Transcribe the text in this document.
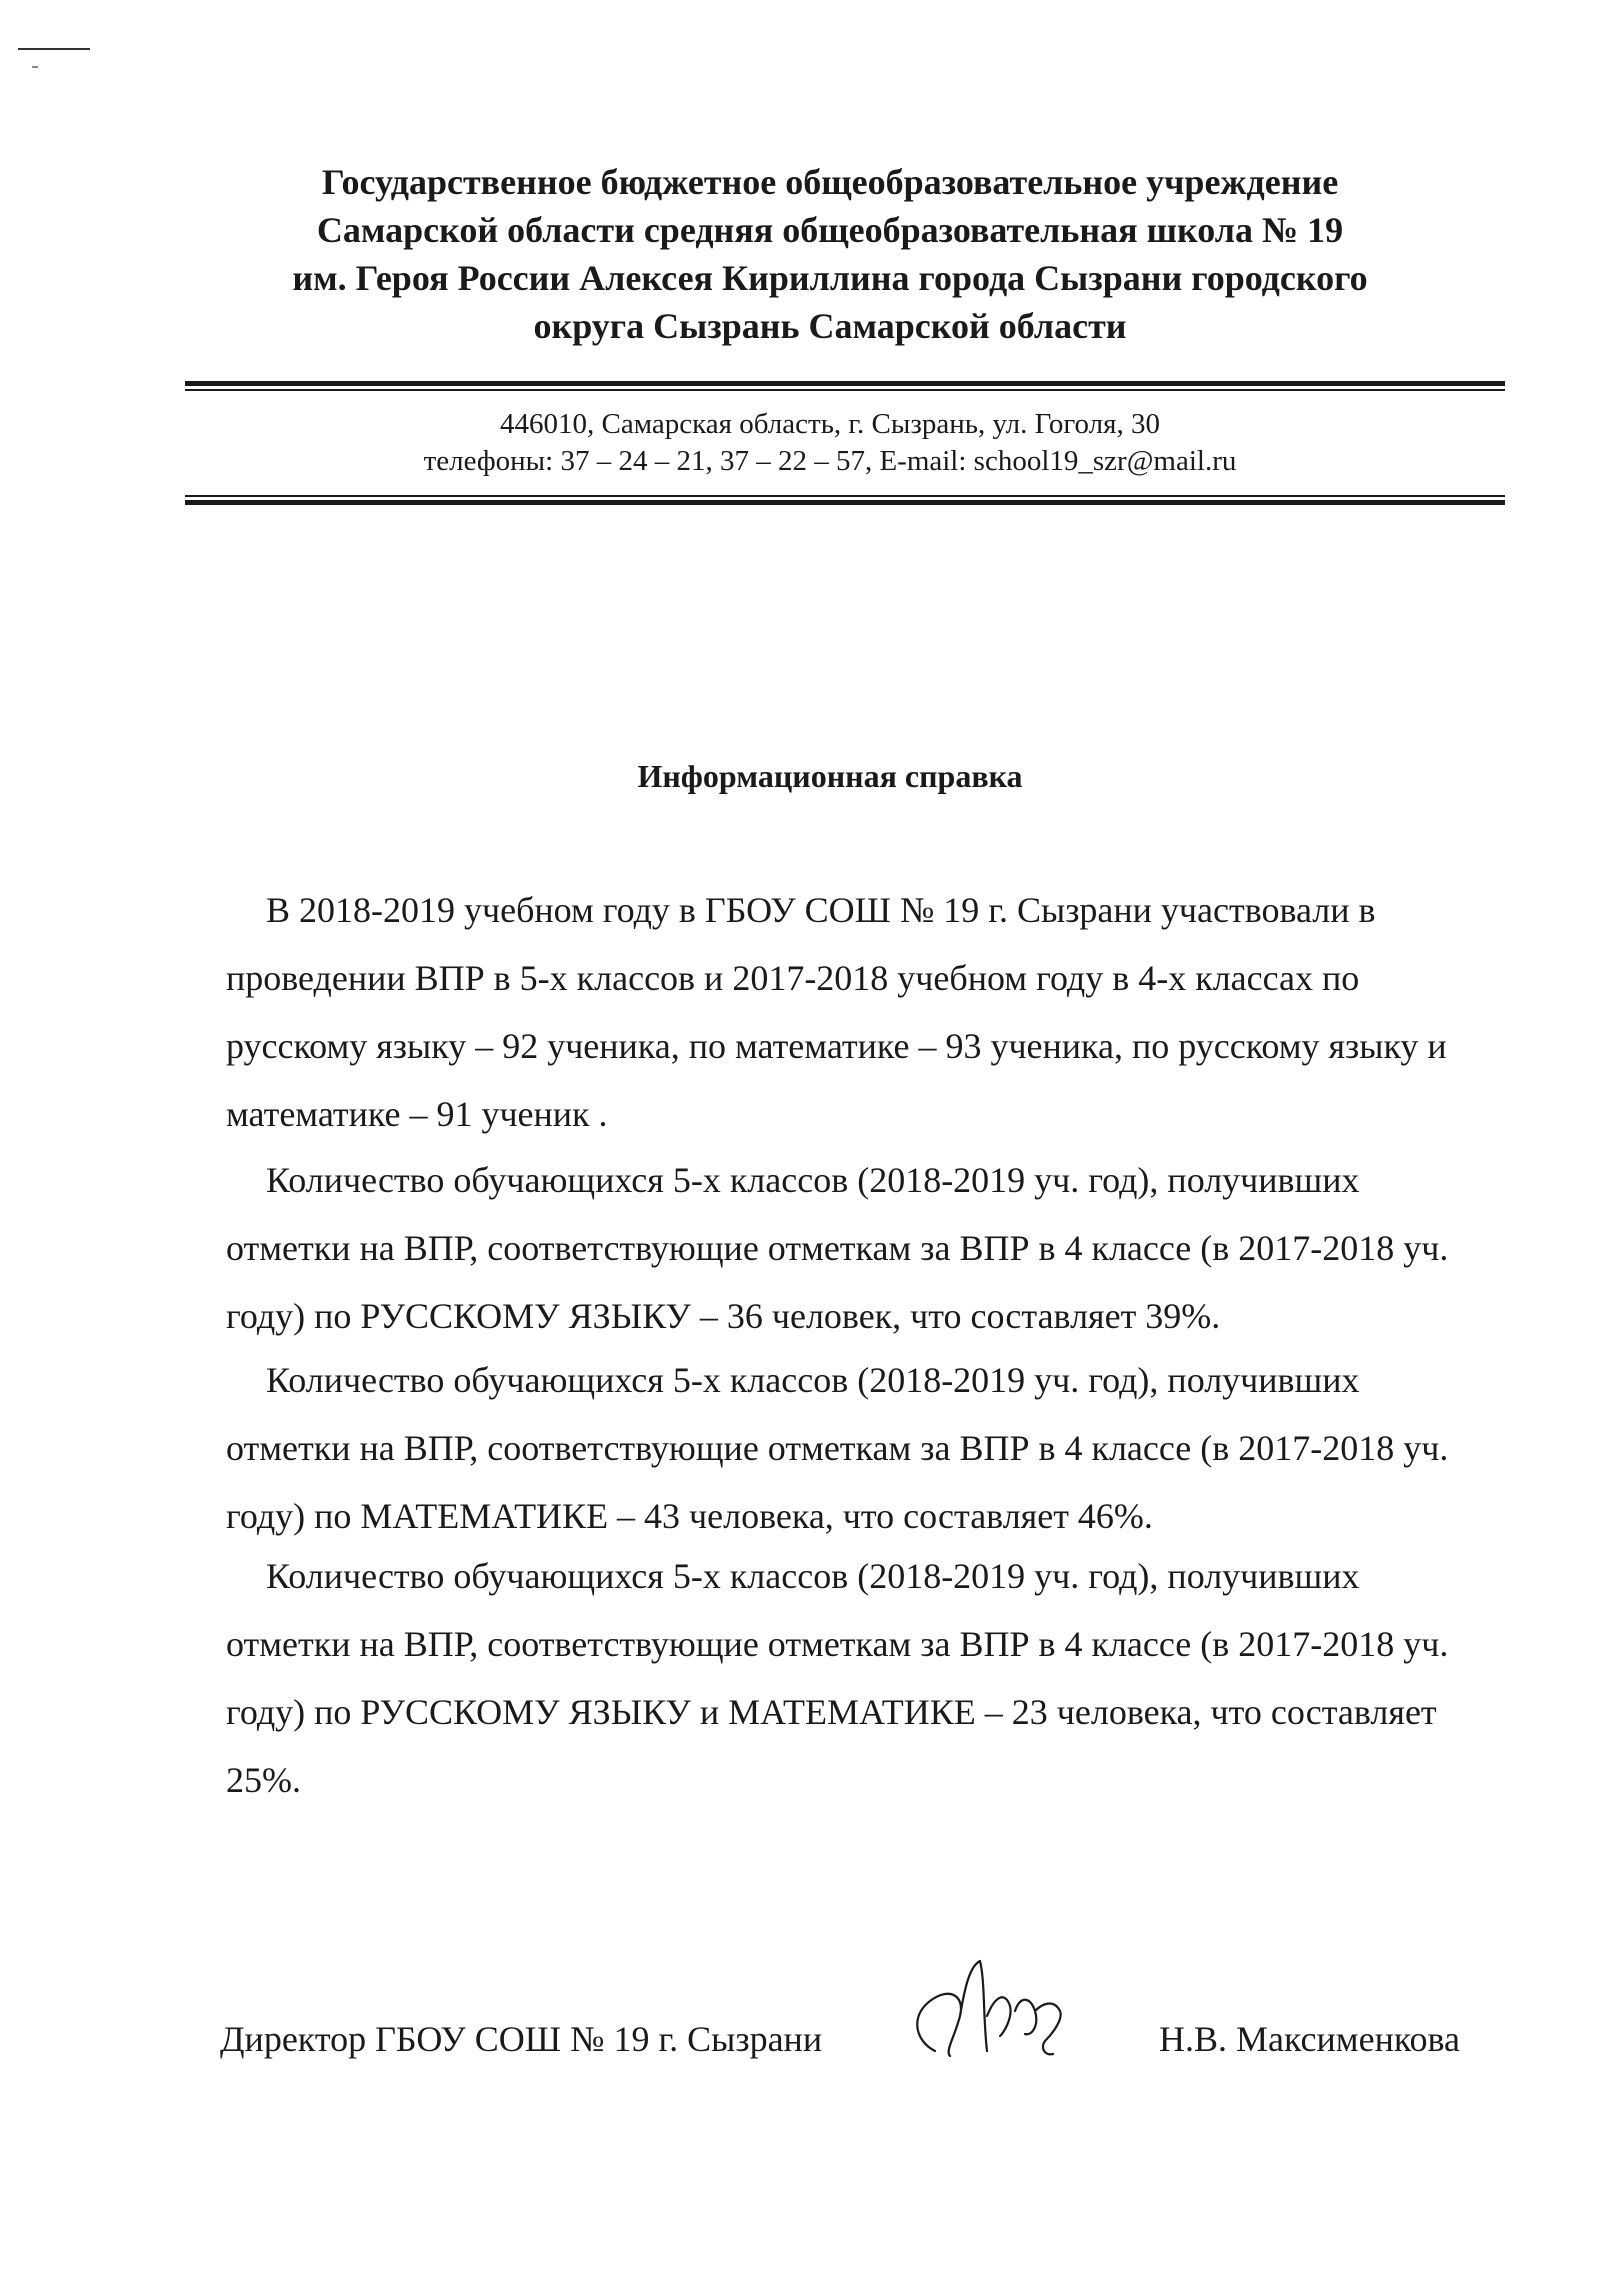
Государственное бюджетное общеобразовательное учреждение
Самарской области средняя общеобразовательная школа № 19
им. Героя России Алексея Кириллина города Сызрани городского
округа Сызрань Самарской области
446010, Самарская область, г. Сызрань, ул. Гоголя, 30
телефоны: 37 – 24 – 21, 37 – 22 – 57, E-mail: school19_szr@mail.ru
Информационная справка

В 2018-2019 учебном году в ГБОУ СОШ № 19 г. Сызрани участвовали в проведении ВПР в 5-х классов и 2017-2018 учебном году в 4-х классах по русскому языку – 92 ученика, по математике – 93 ученика, по русскому языку и математике – 91 ученик .

Количество обучающихся 5-х классов (2018-2019 уч. год), получивших отметки на ВПР, соответствующие отметкам за ВПР в 4 классе (в 2017-2018 уч. году) по РУССКОМУ ЯЗЫКУ – 36 человек, что составляет 39%.

Количество обучающихся 5-х классов (2018-2019 уч. год), получивших отметки на ВПР, соответствующие отметкам за ВПР в 4 классе (в 2017-2018 уч. году) по МАТЕМАТИКЕ – 43 человека, что составляет 46%.

Количество обучающихся 5-х классов (2018-2019 уч. год), получивших отметки на ВПР, соответствующие отметкам за ВПР в 4 классе (в 2017-2018 уч. году) по РУССКОМУ ЯЗЫКУ и МАТЕМАТИКЕ – 23 человека, что составляет 25%.

Директор ГБОУ СОШ № 19 г. Сызрани	Н.В. Максименкова
